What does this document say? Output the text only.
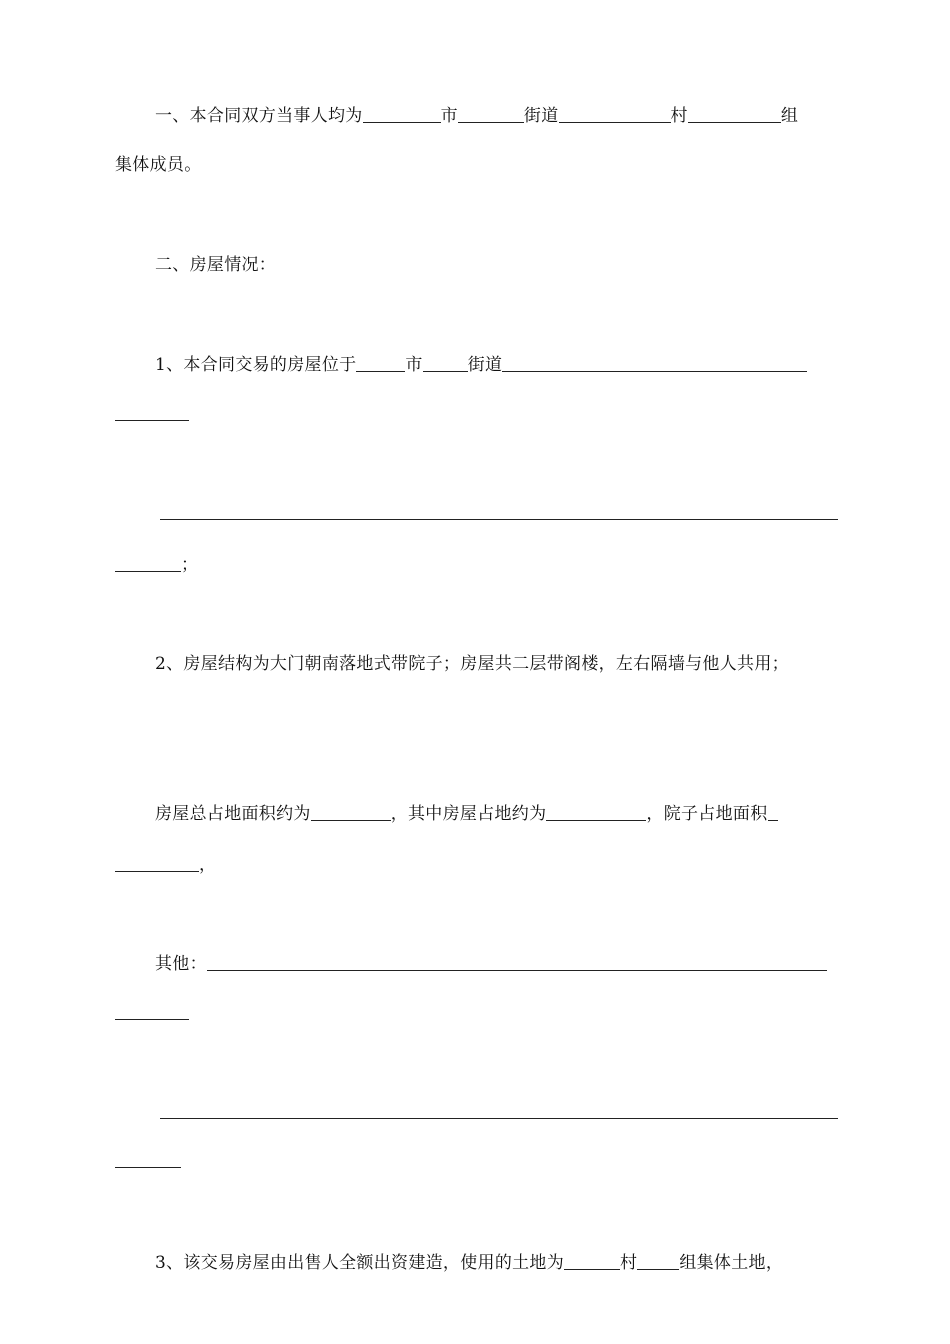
一、本合同双方当事人均为	市	街道	村	组
集体成员。
二、房屋情况：
1、本合同交易的房屋位于	市	街道
；
2、房屋结构为大门朝南落地式带院子；房屋共二层带阁楼，左右隔墙与他人共用；
房屋总占地面积约为	，其中房屋占地约为	，院子占地面积
，
其他：
3、该交易房屋由出售人全额出资建造，使用的土地为	村 组集体土地，
